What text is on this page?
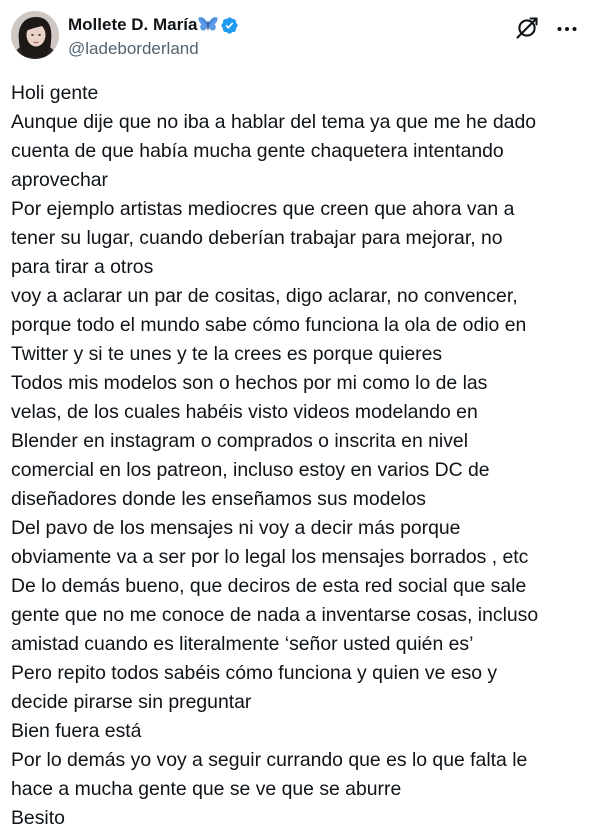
Mollete D. María
@ladeborderland
Holi gente
Aunque dije que no iba a hablar del tema ya que me he dado
cuenta de que había mucha gente chaquetera intentando
aprovechar
Por ejemplo artistas mediocres que creen que ahora van a
tener su lugar, cuando deberían trabajar para mejorar, no
para tirar a otros
voy a aclarar un par de cositas, digo aclarar, no convencer,
porque todo el mundo sabe cómo funciona la ola de odio en
Twitter y si te unes y te la crees es porque quieres
Todos mis modelos son o hechos por mi como lo de las
velas, de los cuales habéis visto videos modelando en
Blender en instagram o comprados o inscrita en nivel
comercial en los patreon, incluso estoy en varios DC de
diseñadores donde les enseñamos sus modelos
Del pavo de los mensajes ni voy a decir más porque
obviamente va a ser por lo legal los mensajes borrados , etc
De lo demás bueno, que deciros de esta red social que sale
gente que no me conoce de nada a inventarse cosas, incluso
amistad cuando es literalmente ‘señor usted quién es’
Pero repito todos sabéis cómo funciona y quien ve eso y
decide pirarse sin preguntar
Bien fuera está
Por lo demás yo voy a seguir currando que es lo que falta le
hace a mucha gente que se ve que se aburre
Besito
